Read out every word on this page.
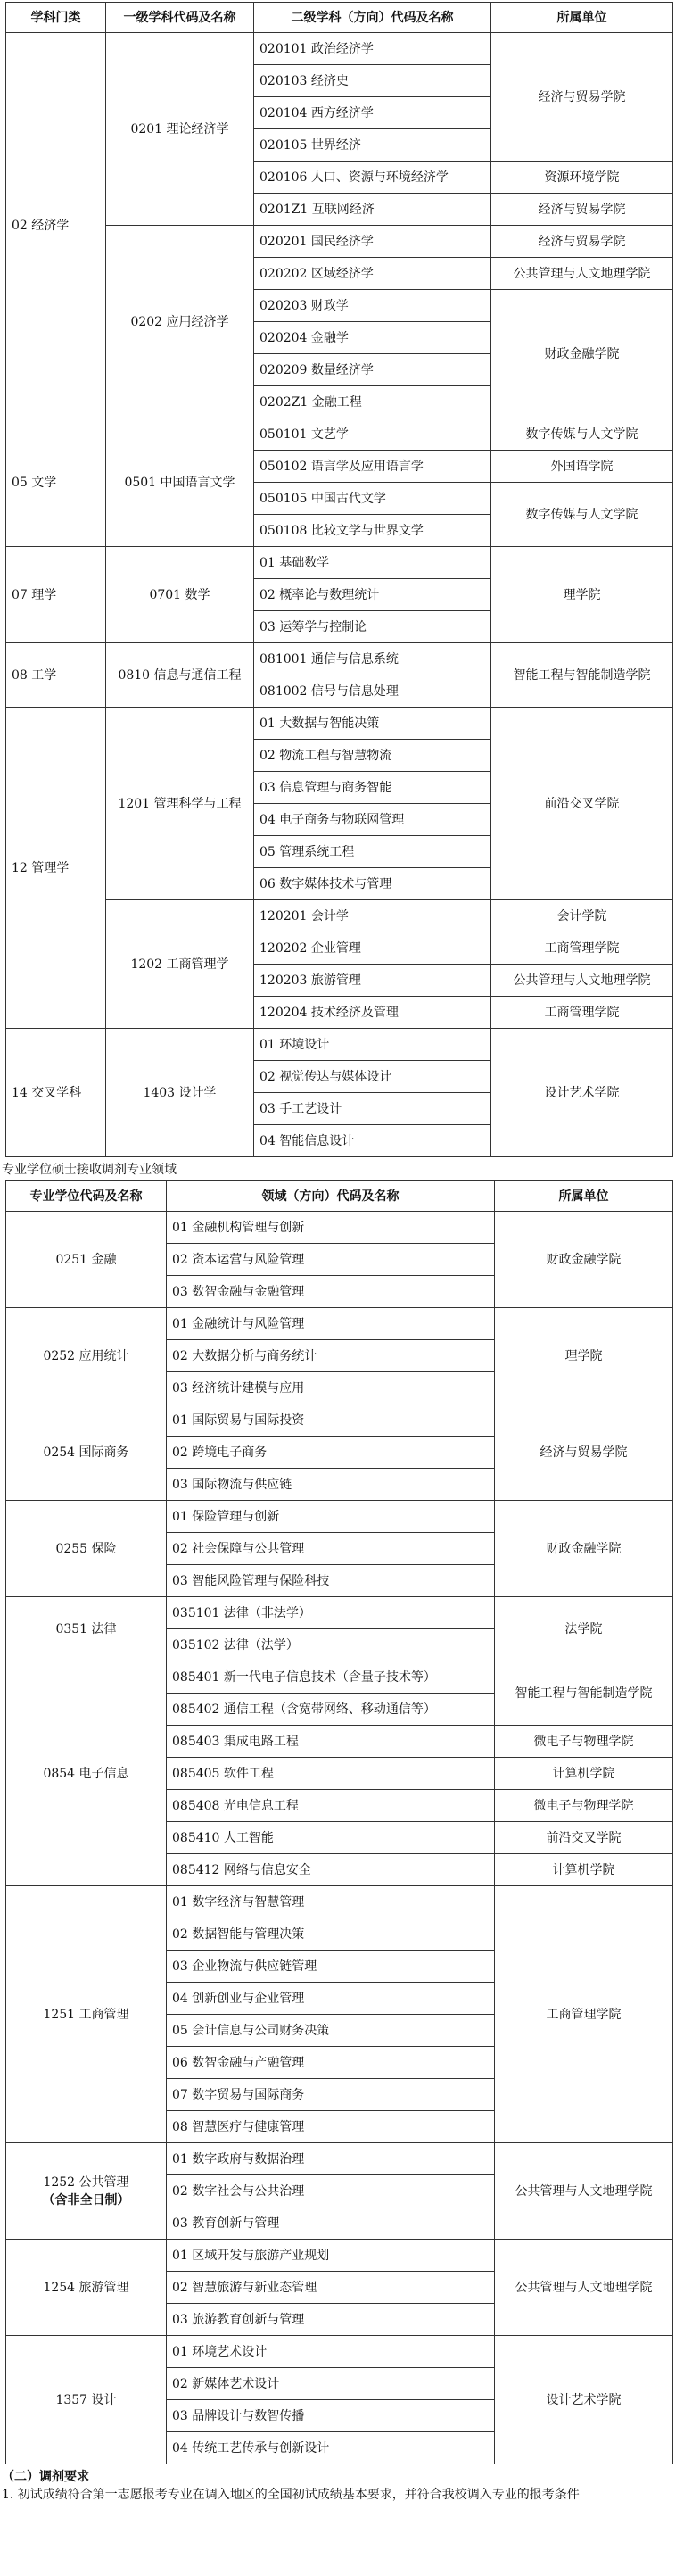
学科门类	一级学科代码及名称	二级学科（方向）代码及名称	所属单位
02 经济学	0201 理论经济学	020101 政治经济学	经济与贸易学院
		020103 经济史	
		020104 西方经济学	
		020105 世界经济	
		020106 人口、资源与环境经济学	资源环境学院
		0201Z1 互联网经济	经济与贸易学院
	0202 应用经济学	020201 国民经济学	经济与贸易学院
		020202 区域经济学	公共管理与人文地理学院
		020203 财政学	财政金融学院
		020204 金融学	
		020209 数量经济学	
		0202Z1 金融工程	
05 文学	0501 中国语言文学	050101 文艺学	数字传媒与人文学院
		050102 语言学及应用语言学	外国语学院
		050105 中国古代文学	数字传媒与人文学院
		050108 比较文学与世界文学	
07 理学	0701 数学	01 基础数学	理学院
		02 概率论与数理统计	
		03 运筹学与控制论	
08 工学	0810 信息与通信工程	081001 通信与信息系统	智能工程与智能制造学院
		081002 信号与信息处理	
12 管理学	1201 管理科学与工程	01 大数据与智能决策	前沿交叉学院
		02 物流工程与智慧物流	
		03 信息管理与商务智能	
		04 电子商务与物联网管理	
		05 管理系统工程	
		06 数字媒体技术与管理	
	1202 工商管理学	120201 会计学	会计学院
		120202 企业管理	工商管理学院
		120203 旅游管理	公共管理与人文地理学院
		120204 技术经济及管理	工商管理学院
14 交叉学科	1403 设计学	01 环境设计	设计艺术学院
		02 视觉传达与媒体设计	
		03 手工艺设计	
		04 智能信息设计	
专业学位硕士接收调剂专业领域
专业学位代码及名称	领域（方向）代码及名称	所属单位
0251 金融	01 金融机构管理与创新	财政金融学院
	02 资本运营与风险管理	
	03 数智金融与金融管理	
0252 应用统计	01 金融统计与风险管理	理学院
	02 大数据分析与商务统计	
	03 经济统计建模与应用	
0254 国际商务	01 国际贸易与国际投资	经济与贸易学院
	02 跨境电子商务	
	03 国际物流与供应链	
0255 保险	01 保险管理与创新	财政金融学院
	02 社会保障与公共管理	
	03 智能风险管理与保险科技	
0351 法律	035101 法律（非法学）	法学院
	035102 法律（法学）	
0854 电子信息	085401 新一代电子信息技术（含量子技术等）	智能工程与智能制造学院
	085402 通信工程（含宽带网络、移动通信等）	
	085403 集成电路工程	微电子与物理学院
	085405 软件工程	计算机学院
	085408 光电信息工程	微电子与物理学院
	085410 人工智能	前沿交叉学院
	085412 网络与信息安全	计算机学院
1251 工商管理	01 数字经济与智慧管理	工商管理学院
	02 数据智能与管理决策	
	03 企业物流与供应链管理	
	04 创新创业与企业管理	
	05 会计信息与公司财务决策	
	06 数智金融与产融管理	
	07 数字贸易与国际商务	
	08 智慧医疗与健康管理	

1252 公共管理
（含非全日制）	01 数字政府与数据治理	公共管理与人文地理学院
	02 数字社会与公共治理	
	03 教育创新与管理	
1254 旅游管理	01 区域开发与旅游产业规划	公共管理与人文地理学院
	02 智慧旅游与新业态管理	
	03 旅游教育创新与管理	
1357 设计	01 环境艺术设计	设计艺术学院
	02 新媒体艺术设计	
	03 品牌设计与数智传播	
	04 传统工艺传承与创新设计	
（二）调剂要求
1. 初试成绩符合第一志愿报考专业在调入地区的全国初试成绩基本要求，并符合我校调入专业的报考条件
